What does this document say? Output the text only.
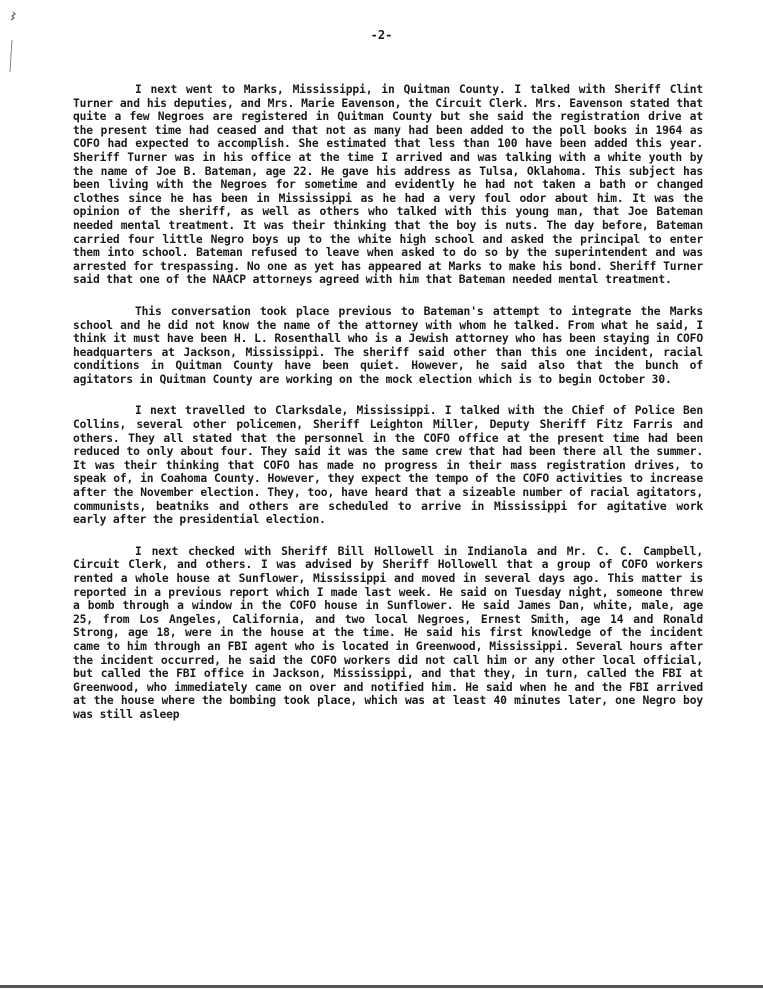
-2-

I next went to Marks, Mississippi, in Quitman County. I talked with Sheriff Clint Turner and his deputies, and Mrs. Marie Eavenson, the Circuit Clerk. Mrs. Eavenson stated that quite a few Negroes are registered in Quitman County but she said the registration drive at the present time had ceased and that not as many had been added to the poll books in 1964 as COFO had expected to accomplish. She estimated that less than 100 have been added this year. Sheriff Turner was in his office at the time I arrived and was talking with a white youth by the name of Joe B. Bateman, age 22. He gave his address as Tulsa, Oklahoma. This subject has been living with the Negroes for sometime and evidently he had not taken a bath or changed clothes since he has been in Mississippi as he had a very foul odor about him. It was the opinion of the sheriff, as well as others who talked with this young man, that Joe Bateman needed mental treatment. It was their thinking that the boy is nuts. The day before, Bateman carried four little Negro boys up to the white high school and asked the principal to enter them into school. Bateman refused to leave when asked to do so by the superintendent and was arrested for trespassing. No one as yet has appeared at Marks to make his bond. Sheriff Turner said that one of the NAACP attorneys agreed with him that Bateman needed mental treatment.

This conversation took place previous to Bateman's attempt to integrate the Marks school and he did not know the name of the attorney with whom he talked. From what he said, I think it must have been H. L. Rosenthall who is a Jewish attorney who has been staying in COFO headquarters at Jackson, Mississippi. The sheriff said other than this one incident, racial conditions in Quitman County have been quiet. However, he said also that the bunch of agitators in Quitman County are working on the mock election which is to begin October 30.

I next travelled to Clarksdale, Mississippi. I talked with the Chief of Police Ben Collins, several other policemen, Sheriff Leighton Miller, Deputy Sheriff Fitz Farris and others. They all stated that the personnel in the COFO office at the present time had been reduced to only about four. They said it was the same crew that had been there all the summer. It was their thinking that COFO has made no progress in their mass registration drives, to speak of, in Coahoma County. However, they expect the tempo of the COFO activities to increase after the November election. They, too, have heard that a sizeable number of racial agitators, communists, beatniks and others are scheduled to arrive in Mississippi for agitative work early after the presidential election.

I next checked with Sheriff Bill Hollowell in Indianola and Mr. C. C. Campbell, Circuit Clerk, and others. I was advised by Sheriff Hollowell that a group of COFO workers rented a whole house at Sunflower, Mississippi and moved in several days ago. This matter is reported in a previous report which I made last week. He said on Tuesday night, someone threw a bomb through a window in the COFO house in Sunflower. He said James Dan, white, male, age 25, from Los Angeles, California, and two local Negroes, Ernest Smith, age 14 and Ronald Strong, age 18, were in the house at the time. He said his first knowledge of the incident came to him through an FBI agent who is located in Greenwood, Mississippi. Several hours after the incident occurred, he said the COFO workers did not call him or any other local official, but called the FBI office in Jackson, Mississippi, and that they, in turn, called the FBI at Greenwood, who immediately came on over and notified him. He said when he and the FBI arrived at the house where the bombing took place, which was at least 40 minutes later, one Negro boy was still asleep
